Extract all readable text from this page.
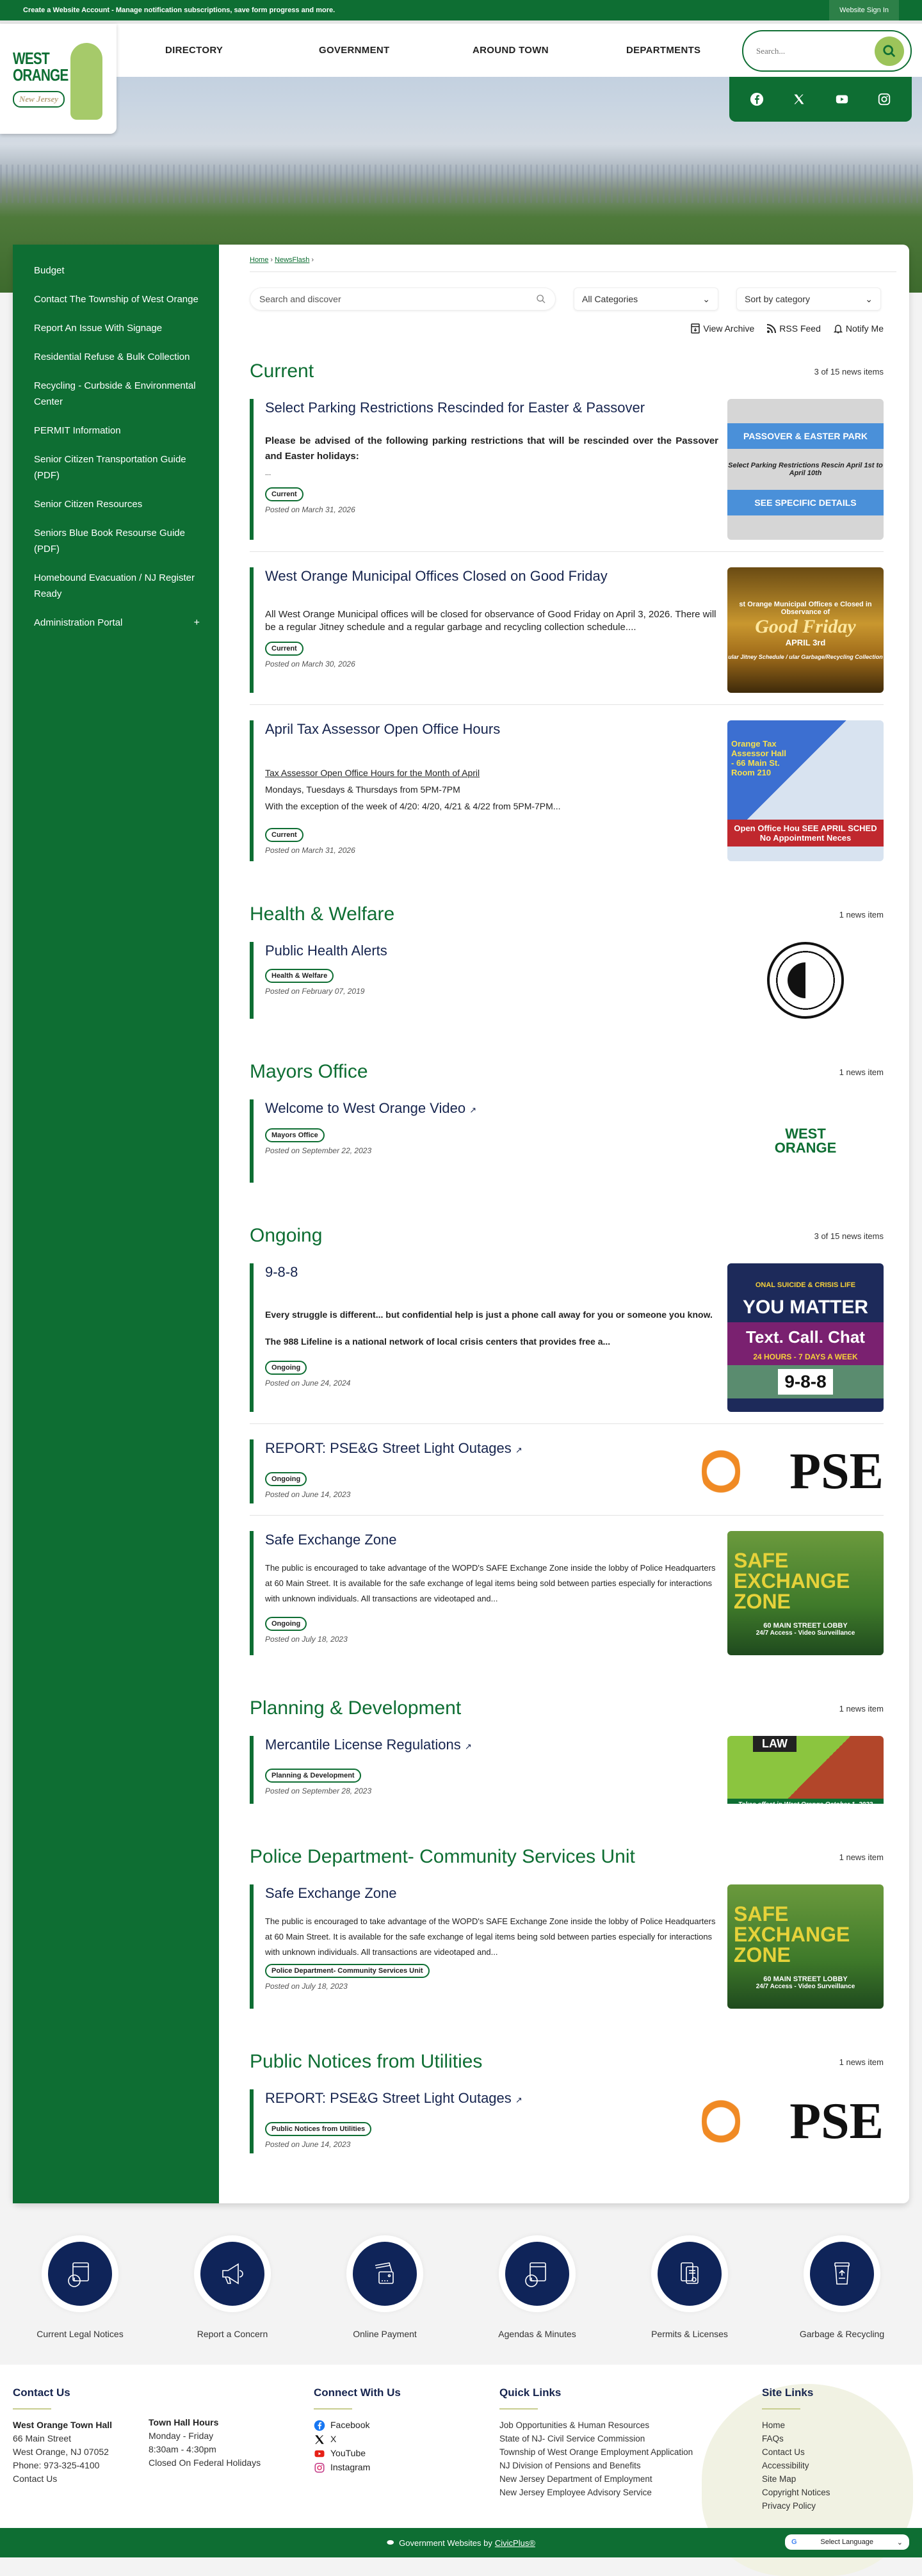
Create a Website Account - Manage notification subscriptions, save form progress and more.	Website Sign In
DIRECTORY	GOVERNMENT	AROUND TOWN	DEPARTMENTS
WEST
ORANGE
New Jersey
Search...
Budget
Contact The Township of West Orange
Report An Issue With Signage
Residential Refuse & Bulk Collection
Recycling - Curbside & Environmental Center
PERMIT Information
Senior Citizen Transportation Guide (PDF)
Senior Citizen Resources
Seniors Blue Book Resourse Guide (PDF)
Homebound Evacuation / NJ Register Ready
Administration Portal	+
Home › NewsFlash ›
Search and discover	All Categories	⌄	Sort by category	⌄
View Archive	RSS Feed	Notify Me
Current	3 of 15 news items
Select Parking Restrictions Rescinded for Easter & Passover

Please be advised of the following parking restrictions that will be rescinded over the Passover and Easter holidays:

...

Current

Posted on March 31, 2026

PASSOVER & EASTER PARK
Select Parking Restrictions Rescin April 1st to April 10th
SEE SPECIFIC DETAILS
West Orange Municipal Offices Closed on Good Friday

All West Orange Municipal offices will be closed for observance of Good Friday on April 3, 2026. There will be a regular Jitney schedule and a regular garbage and recycling collection schedule....

Current

Posted on March 30, 2026

st Orange Municipal Offices e Closed in Observance of
Good Friday
APRIL 3rd
ular Jitney Schedule / ular Garbage/Recycling Collection
April Tax Assessor Open Office Hours
Tax Assessor Open Office Hours for the Month of April
Mondays, Tuesdays & Thursdays from 5PM-7PM
With the exception of the week of 4/20: 4/20, 4/21 & 4/22 from 5PM-7PM...
Current

Posted on March 31, 2026

Orange Tax Assessor Hall - 66 Main St. Room 210
Open Office Hou SEE APRIL SCHED No Appointment Neces
Health & Welfare	1 news item
Public Health Alerts
Health & Welfare

Posted on February 07, 2019

Mayors Office	1 news item
Welcome to West Orange Video ↗
Mayors Office

Posted on September 22, 2023

WEST
ORANGE
Ongoing	3 of 15 news items
9-8-8

Every struggle is different... but confidential help is just a phone call away for you or someone you know.

The 988 Lifeline is a national network of local crisis centers that provides free a...

Ongoing

Posted on June 24, 2024

ONAL SUICIDE & CRISIS LIFE
YOU MATTER
Text. Call. Chat
24 HOURS - 7 DAYS A WEEK
9-8-8
REPORT: PSE&G Street Light Outages ↗
Ongoing

Posted on June 14, 2023	PSE
Safe Exchange Zone

The public is encouraged to take advantage of the WOPD's SAFE Exchange Zone inside the lobby of Police Headquarters at 60 Main Street. It is available for the safe exchange of legal items being sold between parties especially for interactions with unknown individuals. All transactions are videotaped and...

Ongoing

Posted on July 18, 2023

SAFE EXCHANGE ZONE
60 MAIN STREET LOBBY
24/7 Access - Video Surveillance
Planning & Development	1 news item
Mercantile License Regulations ↗
Planning & Development

Posted on September 28, 2023

LAW
Takes effect in West Orange October 1, 2023
Police Department- Community Services Unit	1 news item
Safe Exchange Zone

The public is encouraged to take advantage of the WOPD's SAFE Exchange Zone inside the lobby of Police Headquarters at 60 Main Street. It is available for the safe exchange of legal items being sold between parties especially for interactions with unknown individuals. All transactions are videotaped and...

Police Department- Community Services Unit

Posted on July 18, 2023

SAFE EXCHANGE ZONE
60 MAIN STREET LOBBY
24/7 Access - Video Surveillance
Public Notices from Utilities	1 news item
REPORT: PSE&G Street Light Outages ↗
Public Notices from Utilities

Posted on June 14, 2023	PSE
Current Legal Notices	Report a Concern	Online Payment	Agendas & Minutes	Permits & Licenses	Garbage & Recycling
Contact Us
West Orange Town Hall
66 Main Street
West Orange, NJ 07052
Phone: 973-325-4100
Contact Us
Town Hall Hours
Monday - Friday
8:30am - 4:30pm
Closed On Federal Holidays
Connect With Us
Facebook
X
YouTube
Instagram
Quick Links
Job Opportunities & Human Resources
State of NJ- Civil Service Commission
Township of West Orange Employment Application
NJ Division of Pensions and Benefits
New Jersey Department of Employment
New Jersey Employee Advisory Service
Site Links
Home
FAQs
Contact Us
Accessibility
Site Map
Copyright Notices
Privacy Policy
⬬ Government Websites by CivicPlus®	G	Select Language	⌄
